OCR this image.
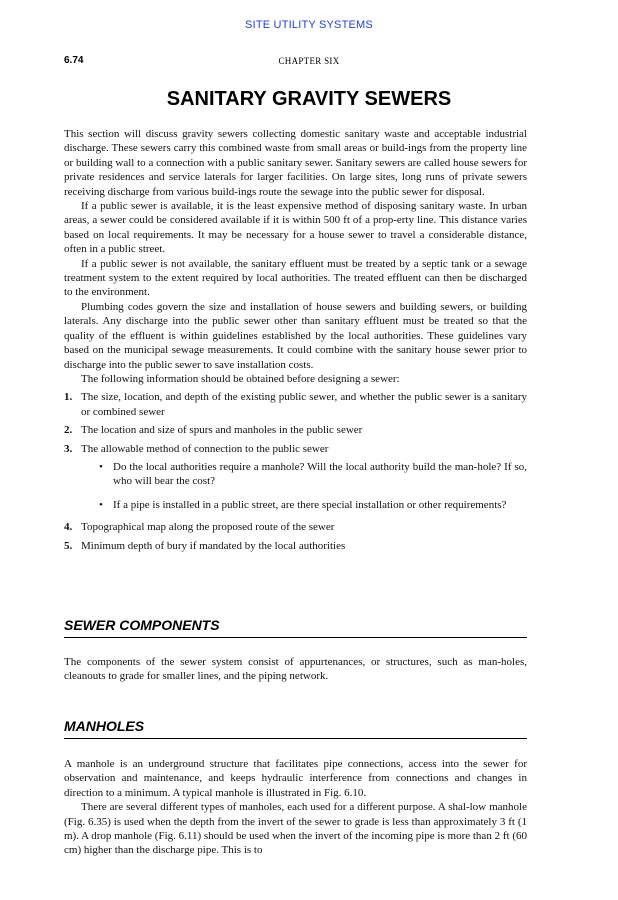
SITE UTILITY SYSTEMS
6.74	CHAPTER SIX
SANITARY GRAVITY SEWERS

This section will discuss gravity sewers collecting domestic sanitary waste and acceptable industrial discharge. These sewers carry this combined waste from small areas or build-ings from the property line or building wall to a connection with a public sanitary sewer. Sanitary sewers are called house sewers for private residences and service laterals for larger facilities. On large sites, long runs of private sewers receiving discharge from various build-ings route the sewage into the public sewer for disposal.

If a public sewer is available, it is the least expensive method of disposing sanitary waste. In urban areas, a sewer could be considered available if it is within 500 ft of a prop-erty line. This distance varies based on local requirements. It may be necessary for a house sewer to travel a considerable distance, often in a public street.

If a public sewer is not available, the sanitary effluent must be treated by a septic tank or a sewage treatment system to the extent required by local authorities. The treated effluent can then be discharged to the environment.

Plumbing codes govern the size and installation of house sewers and building sewers, or building laterals. Any discharge into the public sewer other than sanitary effluent must be treated so that the quality of the effluent is within guidelines established by the local authorities. These guidelines vary based on the municipal sewage measurements. It could combine with the sanitary house sewer prior to discharge into the public sewer to save installation costs.

The following information should be obtained before designing a sewer:

1. The size, location, and depth of the existing public sewer, and whether the public sewer is a sanitary or combined sewer
2. The location and size of spurs and manholes in the public sewer
3. The allowable method of connection to the public sewer
• Do the local authorities require a manhole? Will the local authority build the man-hole? If so, who will bear the cost?
• If a pipe is installed in a public street, are there special installation or other requirements?
4. Topographical map along the proposed route of the sewer
5. Minimum depth of bury if mandated by the local authorities
SEWER COMPONENTS

The components of the sewer system consist of appurtenances, or structures, such as man-holes, cleanouts to grade for smaller lines, and the piping network.

MANHOLES

A manhole is an underground structure that facilitates pipe connections, access into the sewer for observation and maintenance, and keeps hydraulic interference from connections and changes in direction to a minimum. A typical manhole is illustrated in Fig. 6.10.

There are several different types of manholes, each used for a different purpose. A shal-low manhole (Fig. 6.35) is used when the depth from the invert of the sewer to grade is less than approximately 3 ft (1 m). A drop manhole (Fig. 6.11) should be used when the invert of the incoming pipe is more than 2 ft (60 cm) higher than the discharge pipe. This is to
